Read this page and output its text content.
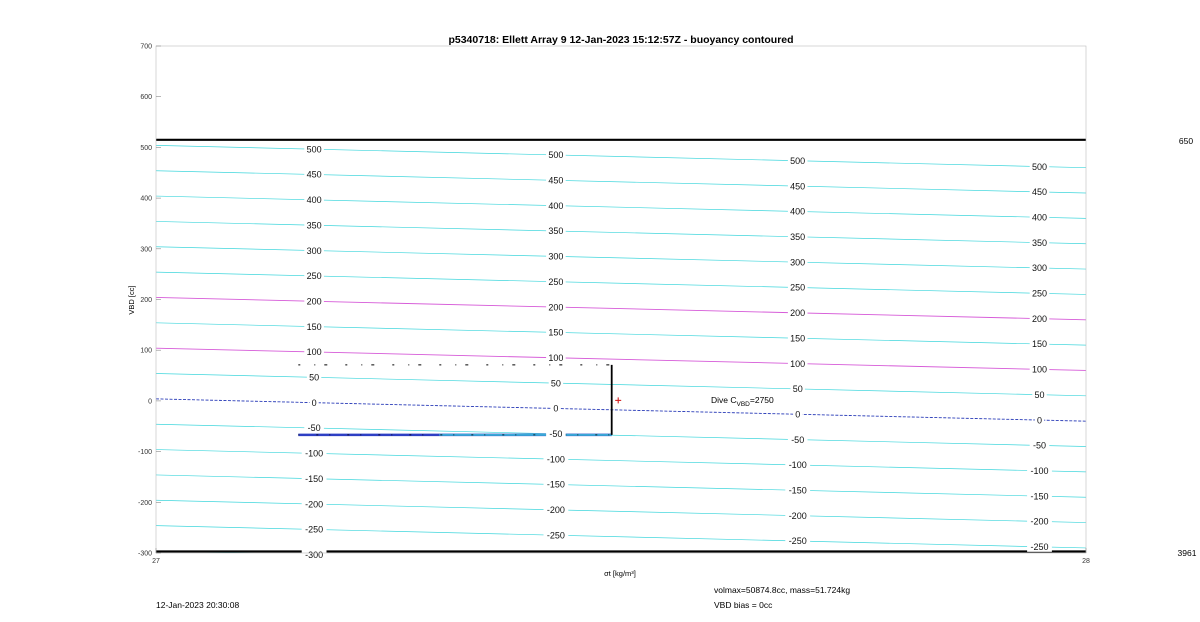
-300
-250
-250
-250
-250
-200
-200
-200
-200
-150
-150
-150
-150
-100
-100
-100
-100
-50
-50
-50
-50
0
0
0
0
50
50
50
50
100
100
100
100
150
150
150
150
200
200
200
200
250
250
250
250
300
300
300
300
350
350
350
350
400
400
400
400
450
450
450
450
500
500
500
500
700
600
500
400
300
200
100
0
-100
-200
-300
27	28
p5340718: Ellett Array 9 12-Jan-2023 15:12:57Z - buoyancy contoured
VBD [cc]
σt [kg/m³]
650
3961
Dive $C_{VBD}=2750$
12-Jan-2023 20:30:08
volmax=50874.8cc, mass=51.724kg
VBD bias = 0cc
